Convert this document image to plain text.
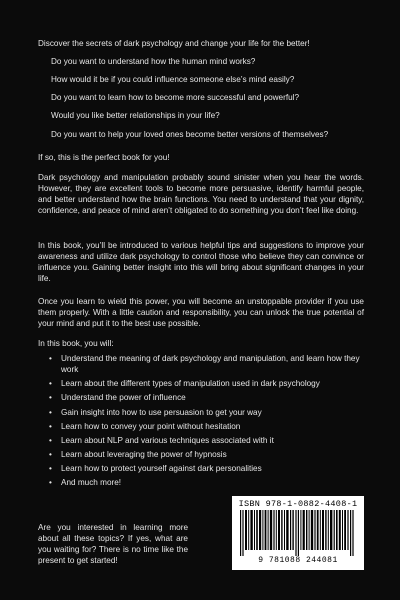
Discover the secrets of dark psychology and change your life for the better!

Do you want to understand how the human mind works?
How would it be if you could influence someone else’s mind easily?
Do you want to learn how to become more successful and powerful?
Would you like better relationships in your life?
Do you want to help your loved ones become better versions of themselves?

If so, this is the perfect book for you!

Dark psychology and manipulation probably sound sinister when you hear the words. However, they are excellent tools to become more persuasive, identify harmful people, and better understand how the brain functions. You need to understand that your dignity, confidence, and peace of mind aren’t obligated to do something you don’t feel like doing.

In this book, you’ll be introduced to various helpful tips and suggestions to improve your awareness and utilize dark psychology to control those who believe they can convince or influence you. Gaining better insight into this will bring about significant changes in your life.

Once you learn to wield this power, you will become an unstoppable provider if you use them properly. With a little caution and responsibility, you can unlock the true potential of your mind and put it to the best use possible.

In this book, you will:

• Understand the meaning of dark psychology and manipulation, and learn how they work
• Learn about the different types of manipulation used in dark psychology
• Understand the power of influence
• Gain insight into how to use persuasion to get your way
• Learn how to convey your point without hesitation
• Learn about NLP and various techniques associated with it
• Learn about leveraging the power of hypnosis
• Learn how to protect yourself against dark personalities
• And much more!

Are you interested in learning more about all these topics? If yes, what are you waiting for? There is no time like the present to get started!

ISBN 978-1-0882-4408-1
9 781088 244081
